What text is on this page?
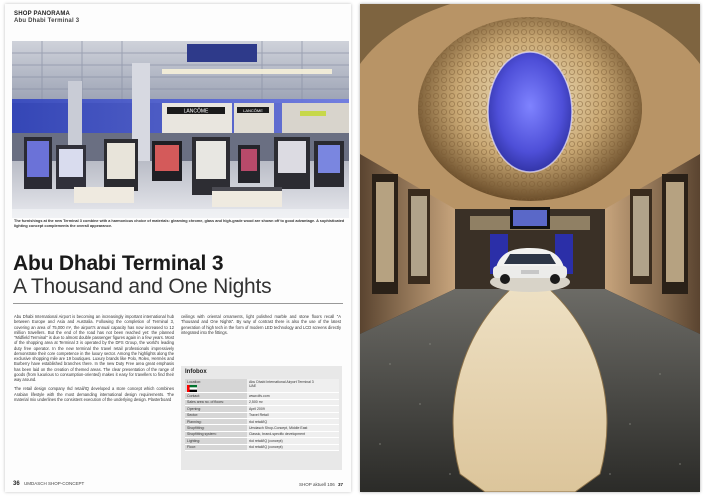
SHOP PANORAMA
Abu Dhabi Terminal 3
LANCÔME	LANCÔME
The furnishings at the new Terminal 3 combine with a harmonious choice of materials: gleaming chrome, glass and high-grade wood are shown off to good advantage. A sophisticated lighting concept complements the overall appearance.
Abu Dhabi Terminal 3
A Thousand and One Nights

Abu Dhabi International Airport is becoming an increasingly important international hub between Europe and Asia and Australia. Following the completion of Terminal 3, covering an area of 75,000 m², the airport's annual capacity has now increased to 12 million travellers. But the end of the road has not been reached yet: the planned "Midfield Terminal" is due to almost double passenger figures again in a few years. Most of the shopping area at Terminal 3 is operated by the DFS Group, the world's leading duty free operator. In the new terminal the travel retail professionals impressively demonstrate their core competence in the luxury sector. Among the highlights along the exclusive shopping mile are 19 boutiques. Luxury brands like Polo, Rolex, Hermès and Burberry have established branches there. In the new Duty Free area great emphasis has been laid on the creation of themed areas. The clear presentation of the range of goods (from luxurious to consumption-oriented) makes it easy for travellers to find their way around.

The retail design company rkd retail/IQ developed a store concept which combines Arabian lifestyle with the most demanding international design requirements. The material mix underlines the consistent execution of the underlying design. Plasterboard

ceilings with oriental ornaments, light polished marble and stone floors recall "A Thousand and One Nights". By way of contrast there is also the use of the latest generation of high tech in the form of modern LED technology and LCD screens directly integrated into the fittings.

Infobox
Location:	Abu Dhabi International Airport Terminal 3
UAE

Contact:	www.dfs.com
Sales area no. of floors:	2,500 m²
Opening:	April 2009
Sector:	Travel Retail
Planning:	rkd retail/IQ
Shopfitting:	Umdasch Shop-Concept, Middle East
Shopfitting system:	Classic, brand-specific development
Lighting:	rkd retail/IQ (concept)
Floor:	rkd retail/IQ (concept)
36 UMDASCH SHOP-CONCEPT	SHOP aktuell 106 37
